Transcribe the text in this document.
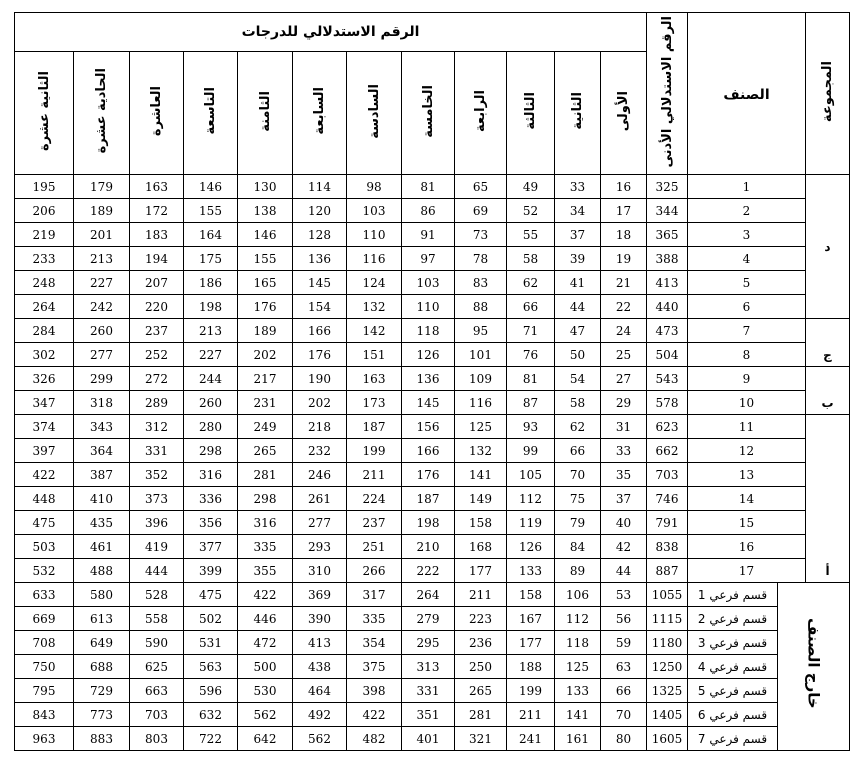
المجموعة	الصنف		الرقم الاستدلالي الأدنى	الرقم الاستدلالي للدرجات											
				الأولى	الثانية	الثالثة	الرابعة	الخامسة	السادسة	السابعة	الثامنة	التاسعة	العاشرة	الحادية عشرة	الثانية عشرة
د	1		325	16	33	49	65	81	98	114	130	146	163	179	195
	2		344	17	34	52	69	86	103	120	138	155	172	189	206
	3		365	18	37	55	73	91	110	128	146	164	183	201	219
	4		388	19	39	58	78	97	116	136	155	175	194	213	233
	5		413	21	41	62	83	103	124	145	165	186	207	227	248
	6		440	22	44	66	88	110	132	154	176	198	220	242	264
ج	7		473	24	47	71	95	118	142	166	189	213	237	260	284
	8		504	25	50	76	101	126	151	176	202	227	252	277	302
ب	9		543	27	54	81	109	136	163	190	217	244	272	299	326
	10		578	29	58	87	116	145	173	202	231	260	289	318	347
أ	11		623	31	62	93	125	156	187	218	249	280	312	343	374
	12		662	33	66	99	132	166	199	232	265	298	331	364	397
	13		703	35	70	105	141	176	211	246	281	316	352	387	422
	14		746	37	75	112	149	187	224	261	298	336	373	410	448
	15		791	40	79	119	158	198	237	277	316	356	396	435	475
	16		838	42	84	126	168	210	251	293	335	377	419	461	503
	17		887	44	89	133	177	222	266	310	355	399	444	488	532
خارج الصنف		قسم فرعي 1	1055	53	106	158	211	264	317	369	422	475	528	580	633
		قسم فرعي 2	1115	56	112	167	223	279	335	390	446	502	558	613	669
		قسم فرعي 3	1180	59	118	177	236	295	354	413	472	531	590	649	708
		قسم فرعي 4	1250	63	125	188	250	313	375	438	500	563	625	688	750
		قسم فرعي 5	1325	66	133	199	265	331	398	464	530	596	663	729	795
		قسم فرعي 6	1405	70	141	211	281	351	422	492	562	632	703	773	843
		قسم فرعي 7	1605	80	161	241	321	401	482	562	642	722	803	883	963
